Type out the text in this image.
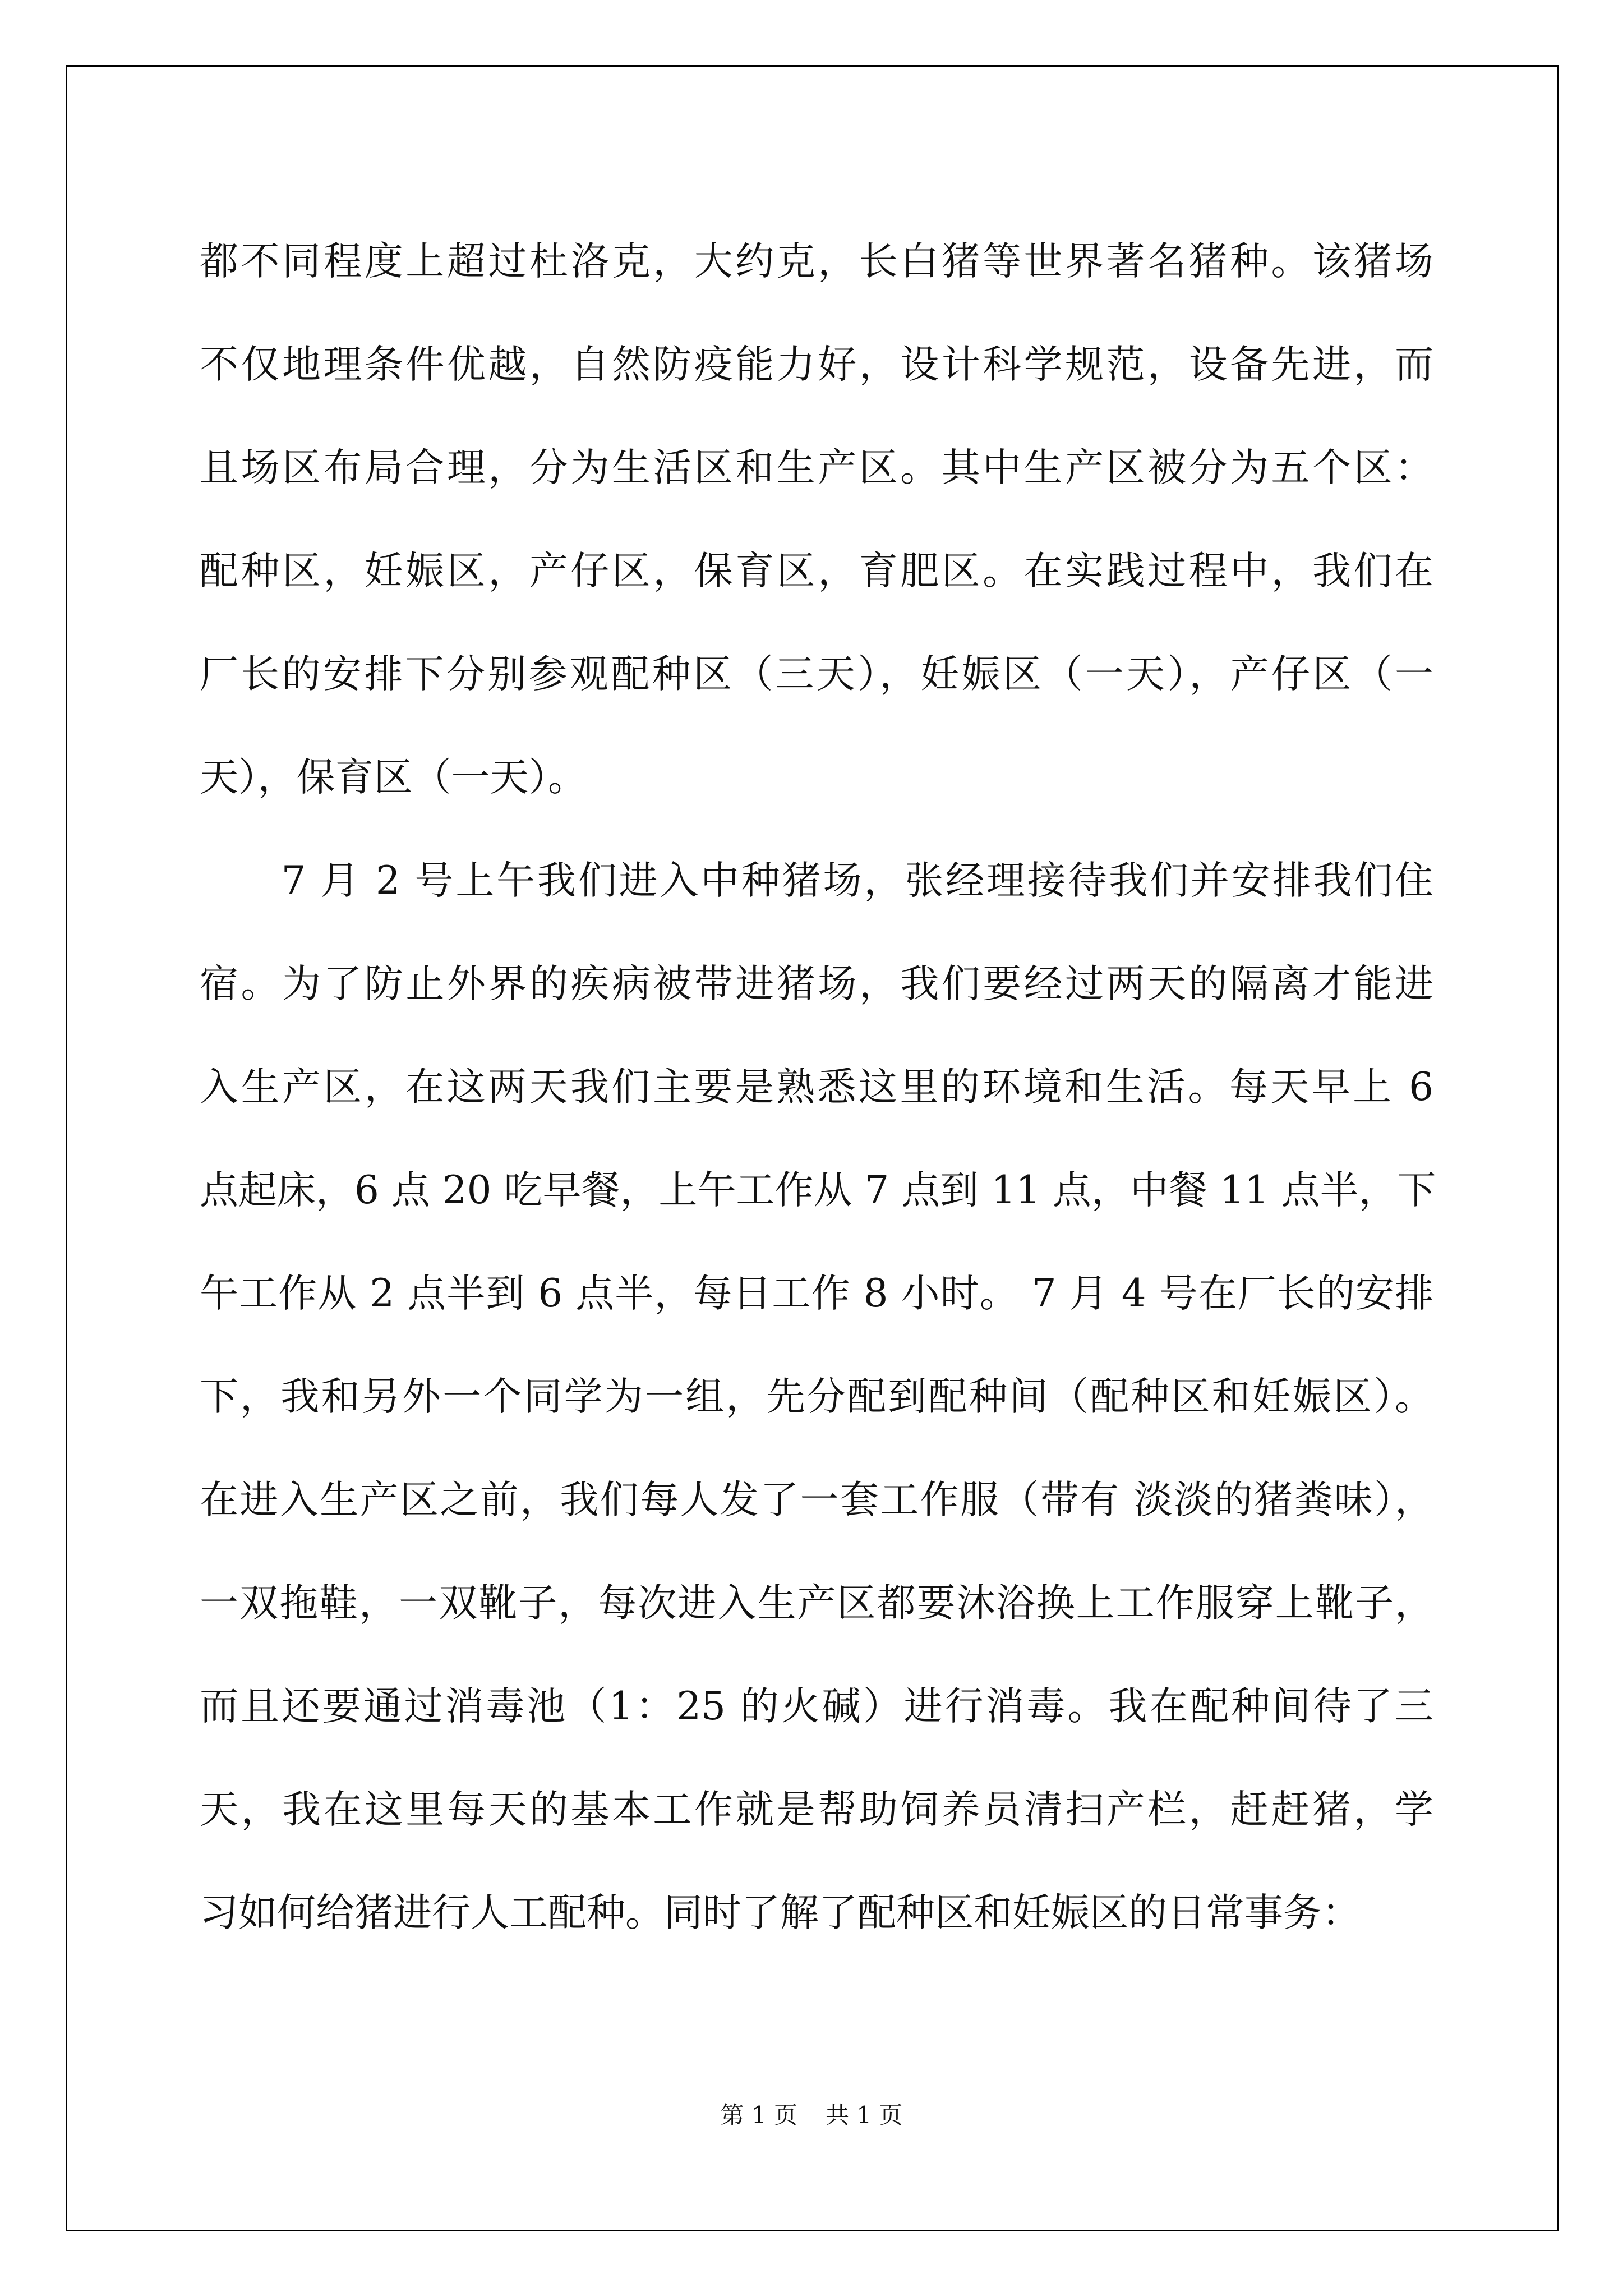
都不同程度上超过杜洛克，大约克，长白猪等世界著名猪种。该猪场
不仅地理条件优越，自然防疫能力好，设计科学规范，设备先进，而
且场区布局合理，分为生活区和生产区。其中生产区被分为五个区：
配种区，妊娠区，产仔区，保育区，育肥区。在实践过程中，我们在
厂长的安排下分别参观配种区（三天），妊娠区（一天），产仔区（一
天），保育区（一天）。
　　7 月 2 号上午我们进入中种猪场，张经理接待我们并安排我们住
宿。为了防止外界的疾病被带进猪场，我们要经过两天的隔离才能进
入生产区，在这两天我们主要是熟悉这里的环境和生活。每天早上 6
点起床，6 点 20 吃早餐，上午工作从 7 点到 11 点，中餐 11 点半，下
午工作从 2 点半到 6 点半，每日工作 8 小时。 7 月 4 号在厂长的安排
下，我和另外一个同学为一组，先分配到配种间（配种区和妊娠区）。
在进入生产区之前，我们每人发了一套工作服（带有 淡淡的猪粪味），
一双拖鞋，一双靴子，每次进入生产区都要沐浴换上工作服穿上靴子，
而且还要通过消毒池（1：25 的火碱）进行消毒。我在配种间待了三
天，我在这里每天的基本工作就是帮助饲养员清扫产栏，赶赶猪，学
习如何给猪进行人工配种。同时了解了配种区和妊娠区的日常事务：
第 1 页 共 1 页
